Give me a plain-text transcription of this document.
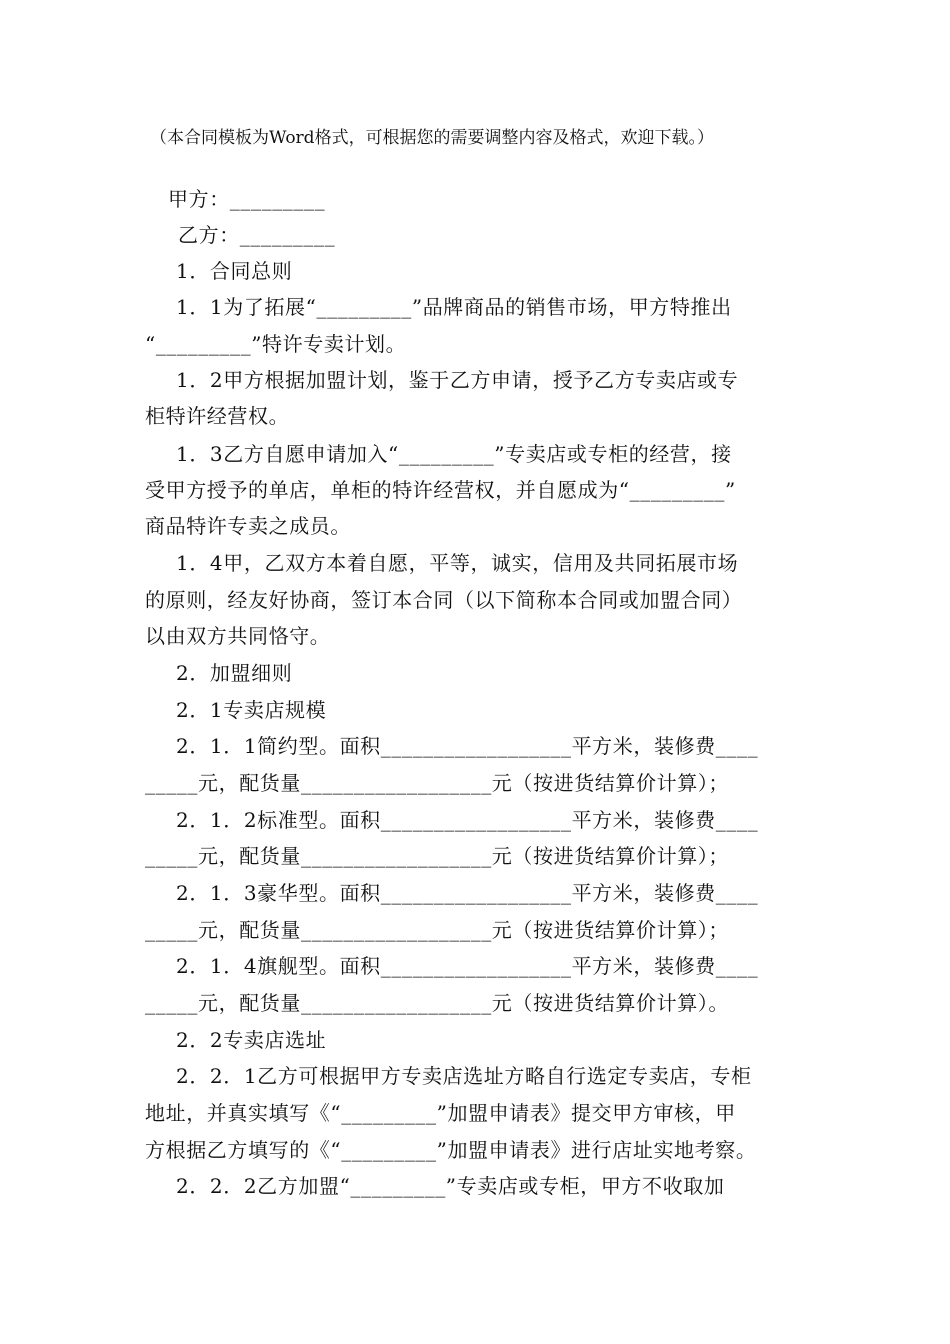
（本合同模板为Word格式，可根据您的需要调整内容及格式，欢迎下载。）
甲方：_________
乙方：_________
1．合同总则
1．1为了拓展“_________”品牌商品的销售市场，甲方特推出
“_________”特许专卖计划。
1．2甲方根据加盟计划，鉴于乙方申请，授予乙方专卖店或专
柜特许经营权。
1．3乙方自愿申请加入“_________”专卖店或专柜的经营，接
受甲方授予的单店，单柜的特许经营权，并自愿成为“_________”
商品特许专卖之成员。
1．4甲，乙双方本着自愿，平等，诚实，信用及共同拓展市场
的原则，经友好协商，签订本合同（以下简称本合同或加盟合同）
以由双方共同恪守。
2．加盟细则
2．1专卖店规模
2．1．1简约型。面积__________________平方米，装修费____
_____元，配货量__________________元（按进货结算价计算）；
2．1．2标准型。面积__________________平方米，装修费____
_____元，配货量__________________元（按进货结算价计算）；
2．1．3豪华型。面积__________________平方米，装修费____
_____元，配货量__________________元（按进货结算价计算）；
2．1．4旗舰型。面积__________________平方米，装修费____
_____元，配货量__________________元（按进货结算价计算）。
2．2专卖店选址
2．2．1乙方可根据甲方专卖店选址方略自行选定专卖店，专柜
地址，并真实填写《“_________”加盟申请表》提交甲方审核，甲
方根据乙方填写的《“_________”加盟申请表》进行店址实地考察。
2．2．2乙方加盟“_________”专卖店或专柜，甲方不收取加
